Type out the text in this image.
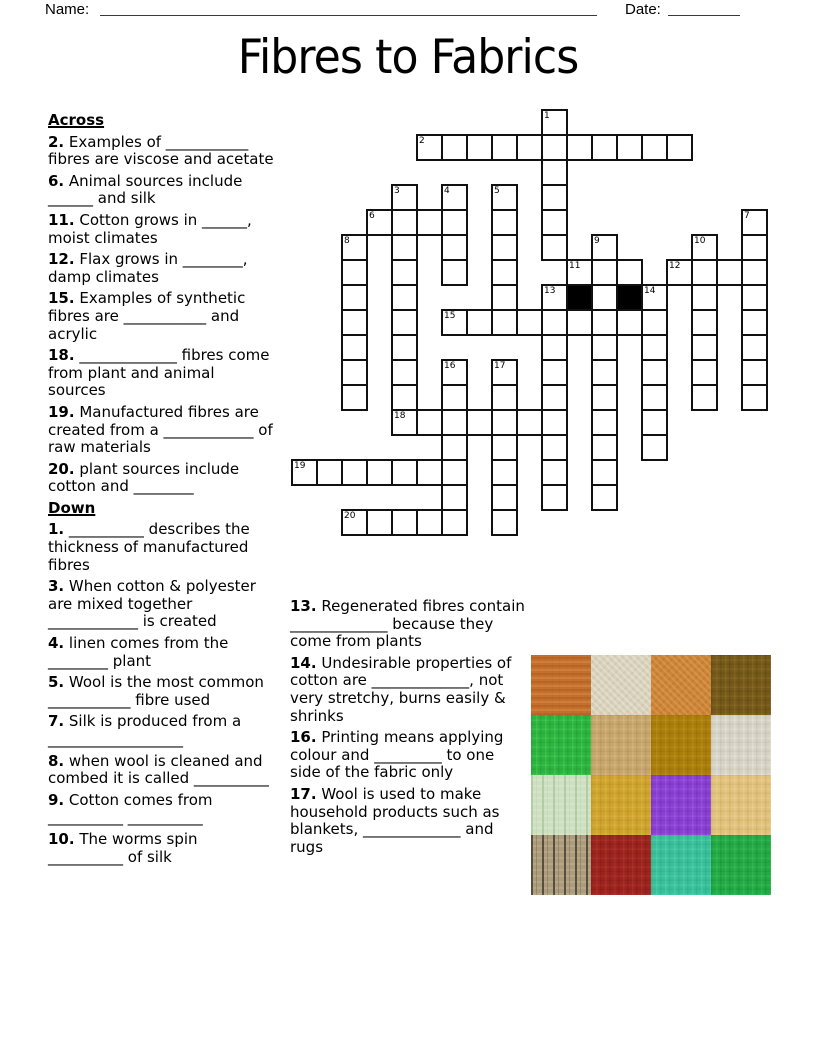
Name:	Date:
Fibres to Fabrics
1
2
3	4	5
6	7
8	9	10
11	12
13	14
15
16	17
18
19
20
Across
2. Examples of ___________ fibres are viscose and acetate
6. Animal sources include ______ and silk
11. Cotton grows in ______, moist climates
12. Flax grows in ________, damp climates
15. Examples of synthetic fibres are ___________ and acrylic
18. _____________ fibres come from plant and animal sources
19. Manufactured fibres are created from a ____________ of raw materials
20. plant sources include cotton and ________
Down
1. __________ describes the thickness of manufactured fibres
3. When cotton & polyester are mixed together ____________ is created
4. linen comes from the ________ plant
5. Wool is the most common ___________ fibre used
7. Silk is produced from a __________________
8. when wool is cleaned and combed it is called __________
9. Cotton comes from __________ __________
10. The worms spin __________ of silk
13. Regenerated fibres contain _____________ because they come from plants
14. Undesirable properties of cotton are _____________, not very stretchy, burns easily & shrinks
16. Printing means applying colour and _________ to one side of the fabric only
17. Wool is used to make household products such as blankets, _____________ and rugs
